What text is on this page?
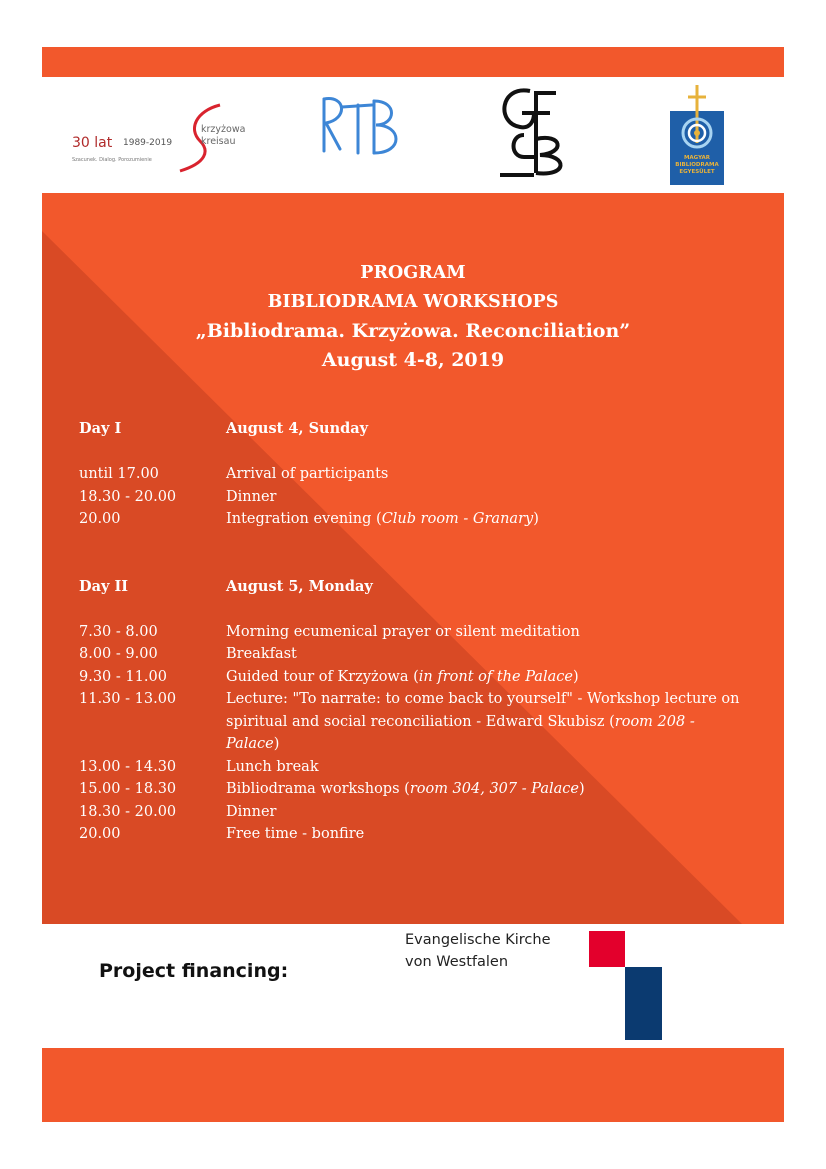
30 lat 1989-2019
Szacunek. Dialog. Porozumienie
krzyżowa
kreisau
MAGYAR
BIBLIODRAMA
EGYESÜLET
PROGRAM
BIBLIODRAMA WORKSHOPS
„Bibliodrama. Krzyżowa. Reconciliation”
August 4-8, 2019
Day I	August 4, Sunday
until 17.00	Arrival of participants
18.30 - 20.00	Dinner
20.00	Integration evening (Club room - Granary)
Day II	August 5, Monday
7.30 - 8.00	Morning ecumenical prayer or silent meditation
8.00 - 9.00	Breakfast
9.30 - 11.00	Guided tour of Krzyżowa (in front of the Palace)
11.30 - 13.00	Lecture: "To narrate: to come back to yourself" - Workshop lecture on
spiritual and social reconciliation - Edward Skubisz (room 208 - Palace)
13.00 - 14.30	Lunch break
15.00 - 18.30	Bibliodrama workshops (room 304, 307 - Palace)
18.30 - 20.00	Dinner
20.00	Free time - bonfire
Project financing:
Evangelische Kirche
von Westfalen
